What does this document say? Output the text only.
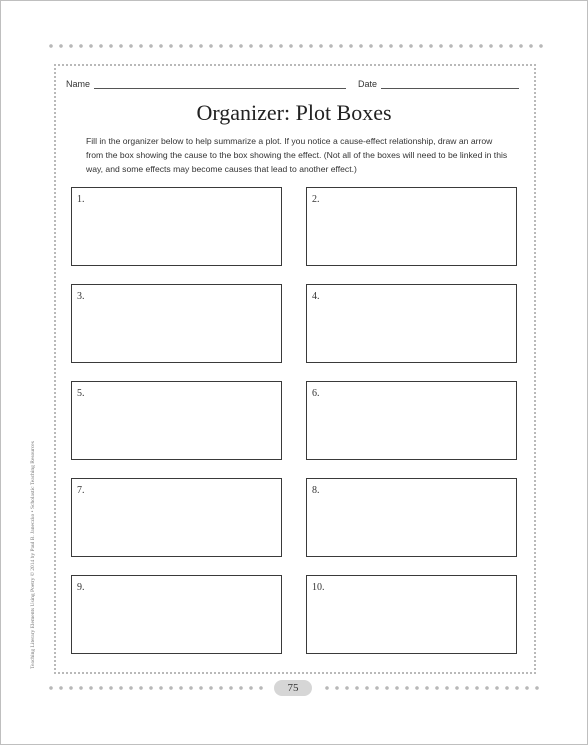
Name	Date
Organizer: Plot Boxes
Fill in the organizer below to help summarize a plot. If you notice a cause-effect relationship, draw an arrow from the box showing the cause to the box showing the effect. (Not all of the boxes will need to be linked in this way, and some effects may become causes that lead to another effect.)
1.	2.
3.	4.
5.	6.
7.	8.
9.	10.
Teaching Literary Elements Using Poetry © 2014 by Paul B. Janeczko • Scholastic Teaching Resources
75
